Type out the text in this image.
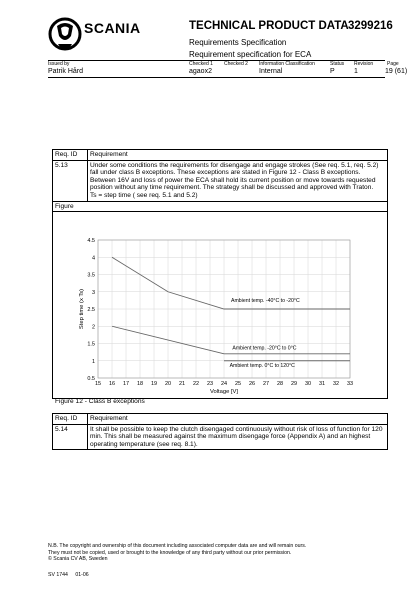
SCANIA	TECHNICAL PRODUCT DATA 3299216
Requirements Specification
Requirement specification for ECA
Issued by	Checked 1 Checked 2 Information Classification	Status Revision	Page
Patrik Hård	agaox2	Internal	P	1	19 (61)
Req. ID	Requirement
5.13	Under some conditions the requirements for disengage and engage strokes (See req. 5.1, req. 5.2) fall under class B exceptions. These exceptions are stated in Figure 12 - Class B exceptions. Between 16V and loss of power the ECA shall hold its current position or move towards requested position without any time requirement. The strategy shall be discussed and approved with Traton.
Ts = step time ( see req. 5.1 and 5.2)

Figure	

Figure 12 - Class B exceptions
15 16 17 18 19 20 21 22 23 24 25 26 27 28 29 30 31 32 33
0.5
1
1.5
2
2.5
3
3.5
4
4.5
Ambient temp. -40°C to -20°C
Ambient temp. -20°C to 0°C
Ambient temp. 0°C to 120°C
Voltage [V]
Step time (x Ts)
Req. ID	Requirement
5.14	It shall be possible to keep the clutch disengaged continuously without risk of loss of function for 120 min. This shall be measured against the maximum disengage force (Appendix A) and an highest operating temperature (see req. 8.1).
N.B. The copyright and ownership of this document including associated computer data are and will remain ours.
They must not be copied, used or brought to the knowledge of any third party without our prior permission.
© Scania CV AB, Sweden
SV 1744 01-06
